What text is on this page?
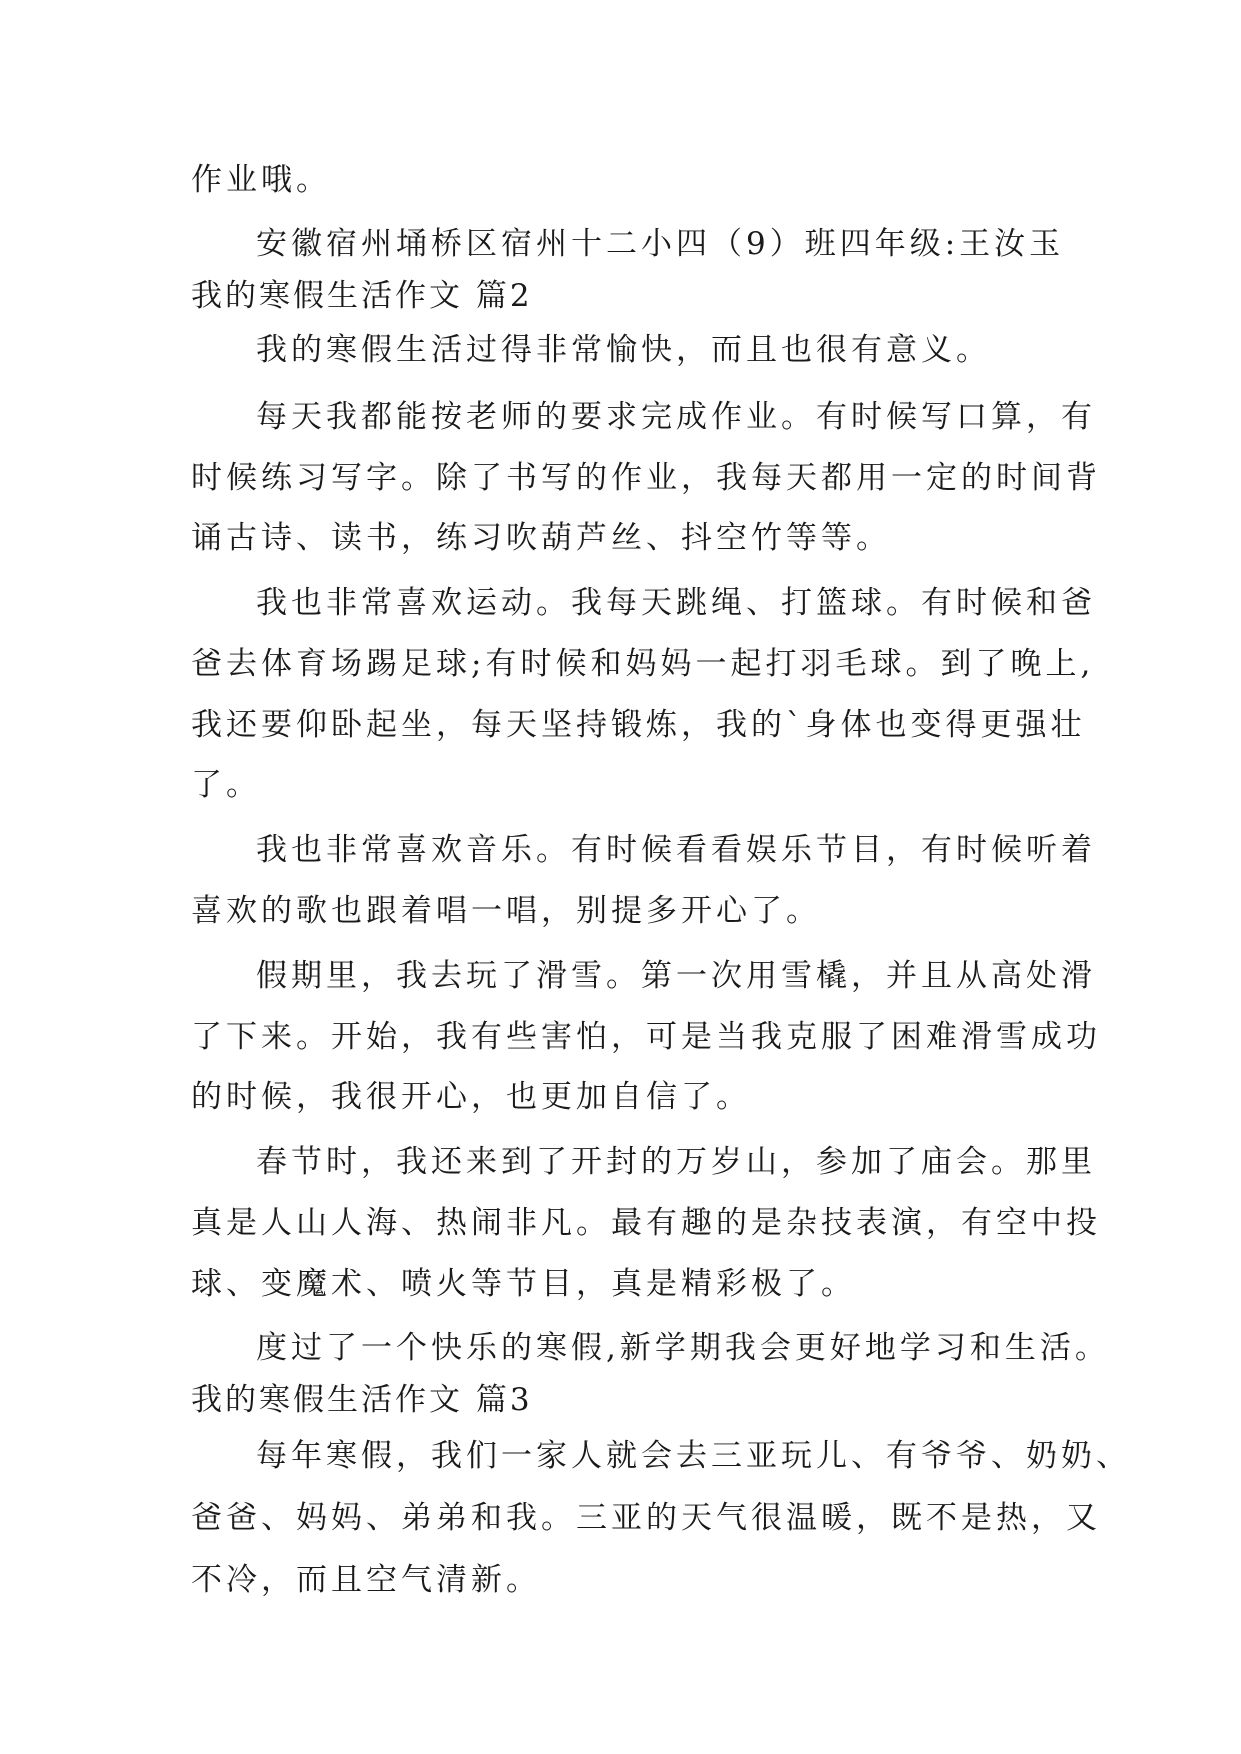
作业哦。
安徽宿州埇桥区宿州十二小四（9）班四年级:王汝玉
我的寒假生活作文 篇2
我的寒假生活过得非常愉快，而且也很有意义。
每天我都能按老师的要求完成作业。有时候写口算，有
时候练习写字。除了书写的作业，我每天都用一定的时间背
诵古诗、读书，练习吹葫芦丝、抖空竹等等。
我也非常喜欢运动。我每天跳绳、打篮球。有时候和爸
爸去体育场踢足球;有时候和妈妈一起打羽毛球。到了晚上,
我还要仰卧起坐，每天坚持锻炼，我的`身体也变得更强壮
了。
我也非常喜欢音乐。有时候看看娱乐节目，有时候听着
喜欢的歌也跟着唱一唱，别提多开心了。
假期里，我去玩了滑雪。第一次用雪橇，并且从高处滑
了下来。开始，我有些害怕，可是当我克服了困难滑雪成功
的时候，我很开心，也更加自信了。
春节时，我还来到了开封的万岁山，参加了庙会。那里
真是人山人海、热闹非凡。最有趣的是杂技表演，有空中投
球、变魔术、喷火等节目，真是精彩极了。
度过了一个快乐的寒假,新学期我会更好地学习和生活。
我的寒假生活作文 篇3
每年寒假，我们一家人就会去三亚玩儿、有爷爷、奶奶、
爸爸、妈妈、弟弟和我。三亚的天气很温暖，既不是热，又
不冷，而且空气清新。
